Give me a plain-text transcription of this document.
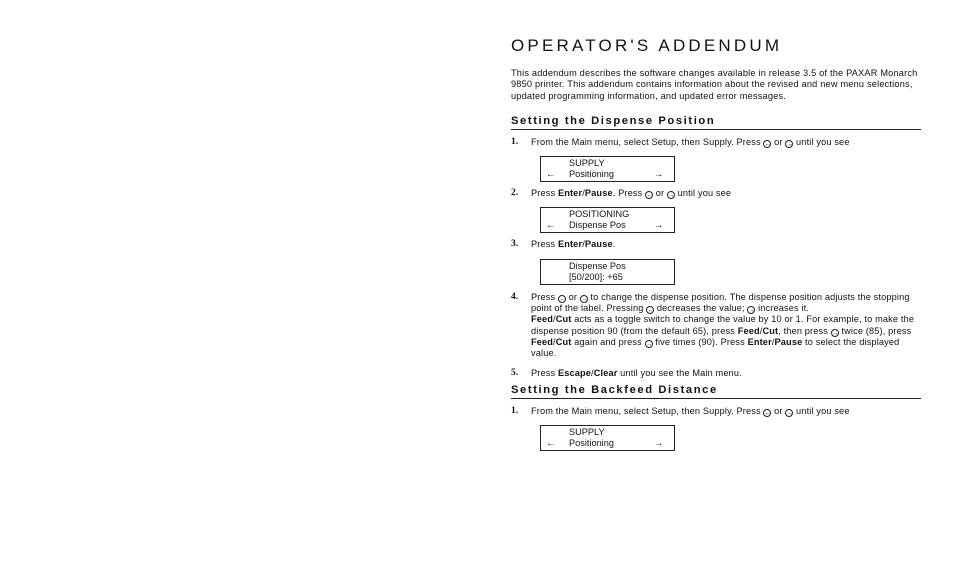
OPERATOR'S ADDENDUM

This addendum describes the software changes available in release 3.5 of the PAXAR Monarch 9850 printer. This addendum contains information about the revised and new menu selections, updated programming information, and updated error messages.

Setting the Dispense Position
1. From the Main menu, select Setup, then Supply. Press ← or → until you see

SUPPLY
← Positioning	→
2. Press Enter/Pause. Press ← or → until you see

POSITIONING
← Dispense Pos	→
3. Press Enter/Pause.

Dispense Pos
[50/200]: +65
4. Press ← or → to change the dispense position. The dispense position adjusts the stopping point of the label. Pressing ← decreases the value; → increases it.

Feed/Cut acts as a toggle switch to change the value by 10 or 1. For example, to make the dispense position 90 (from the default 65), press Feed/Cut, then press → twice (85), press Feed/Cut again and press → five times (90). Press Enter/Pause to select the displayed value.

5. Press Escape/Clear until you see the Main menu.

Setting the Backfeed Distance
1. From the Main menu, select Setup, then Supply. Press ← or → until you see

SUPPLY
← Positioning	→
